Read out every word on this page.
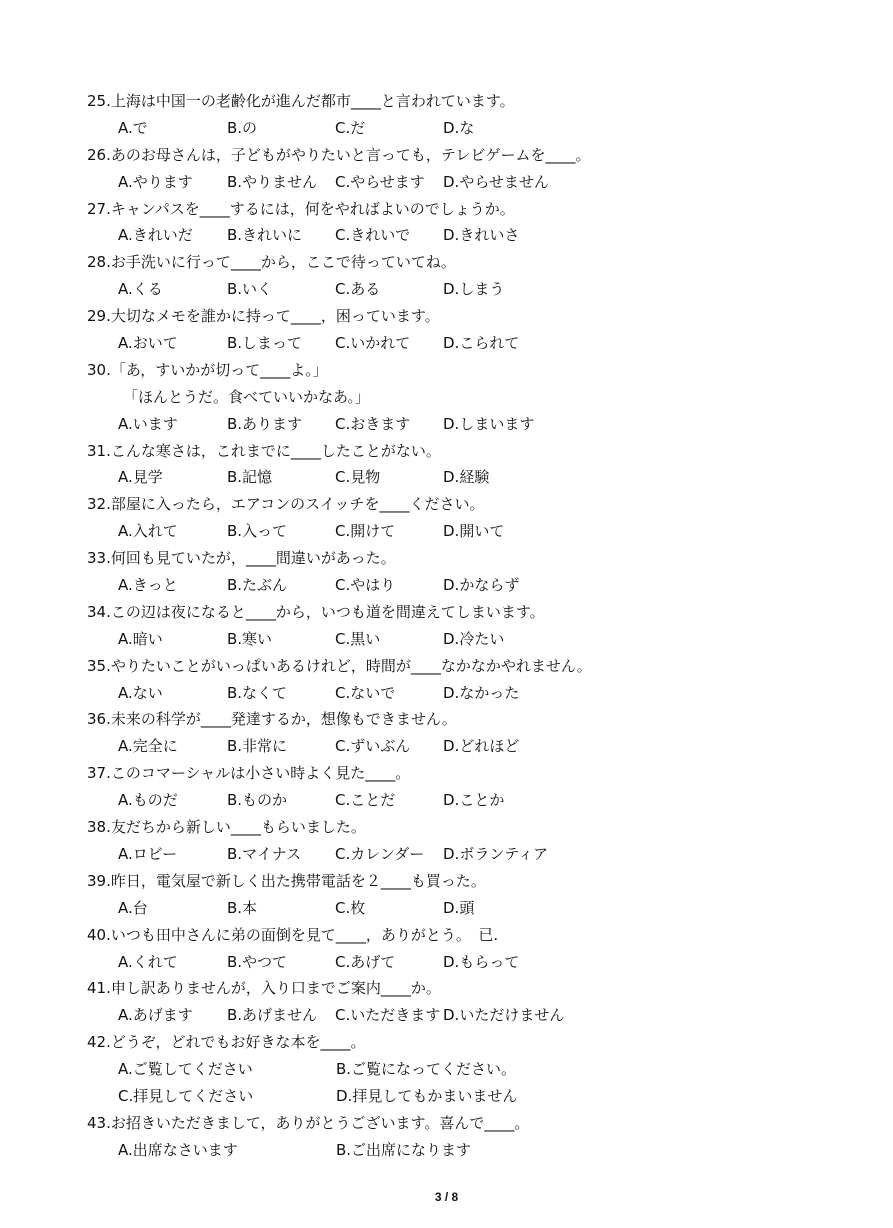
25.上海は中国一の老齢化が進んだ都市____と言われています。
A.で	B.の	C.だ	D.な
26.あのお母さんは，子どもがやりたいと言っても，テレビゲームを____。
A.やります B.やりません C.やらせます D.やらせません
27.キャンパスを____するには，何をやればよいのでしょうか。
A.きれいだ B.きれいに C.きれいで D.きれいさ
28.お手洗いに行って____から，ここで待っていてね。
A.くる	B.いく	C.ある	D.しまう
29.大切なメモを誰かに持って____，困っています。
A.おいて	B.しまって C.いかれて D.こられて
30.「あ，すいかが切って____よ。」
「ほんとうだ。食べていいかなあ。」
A.います	B.あります C.おきます D.しまいます
31.こんな寒さは，これまでに____したことがない。
A.見学	B.記憶	C.見物	D.経験
32.部屋に入ったら，エアコンのスイッチを____ください。
A.入れて	B.入って	C.開けて	D.開いて
33.何回も見ていたが，____間違いがあった。
A.きっと	B.たぶん	C.やはり	D.かならず
34.この辺は夜になると____から，いつも道を間違えてしまいます。
A.暗い	B.寒い	C.黒い	D.冷たい
35.やりたいことがいっぱいあるけれど，時間が____なかなかやれません。
A.ない	B.なくて	C.ないで	D.なかった
36.未来の科学が____発達するか，想像もできません。
A.完全に	B.非常に	C.ずいぶん D.どれほど
37.このコマーシャルは小さい時よく見た____。
A.ものだ	B.ものか	C.ことだ	D.ことか
38.友だちから新しい____もらいました。
A.ロビー	B.マイナス C.カレンダー D.ボランティア
39.昨日，電気屋で新しく出た携帯電話を２____も買った。
A.台	B.本	C.枚	D.頭
40.いつも田中さんに弟の面倒を見て____，ありがとう。　已.
A.くれて	B.やつて	C.あげて	D.もらって
41.申し訳ありませんが，入り口までご案内____か。
A.あげます B.あげません C.いただきます D.いただけません
42.どうぞ，どれでもお好きな本を____。
A.ご覧してください	B.ご覧になってください。
C.拝見してください	D.拝見してもかまいません
43.お招きいただきまして，ありがとうございます。喜んで____。
A.出席なさいます	B.ご出席になります
3 / 8
